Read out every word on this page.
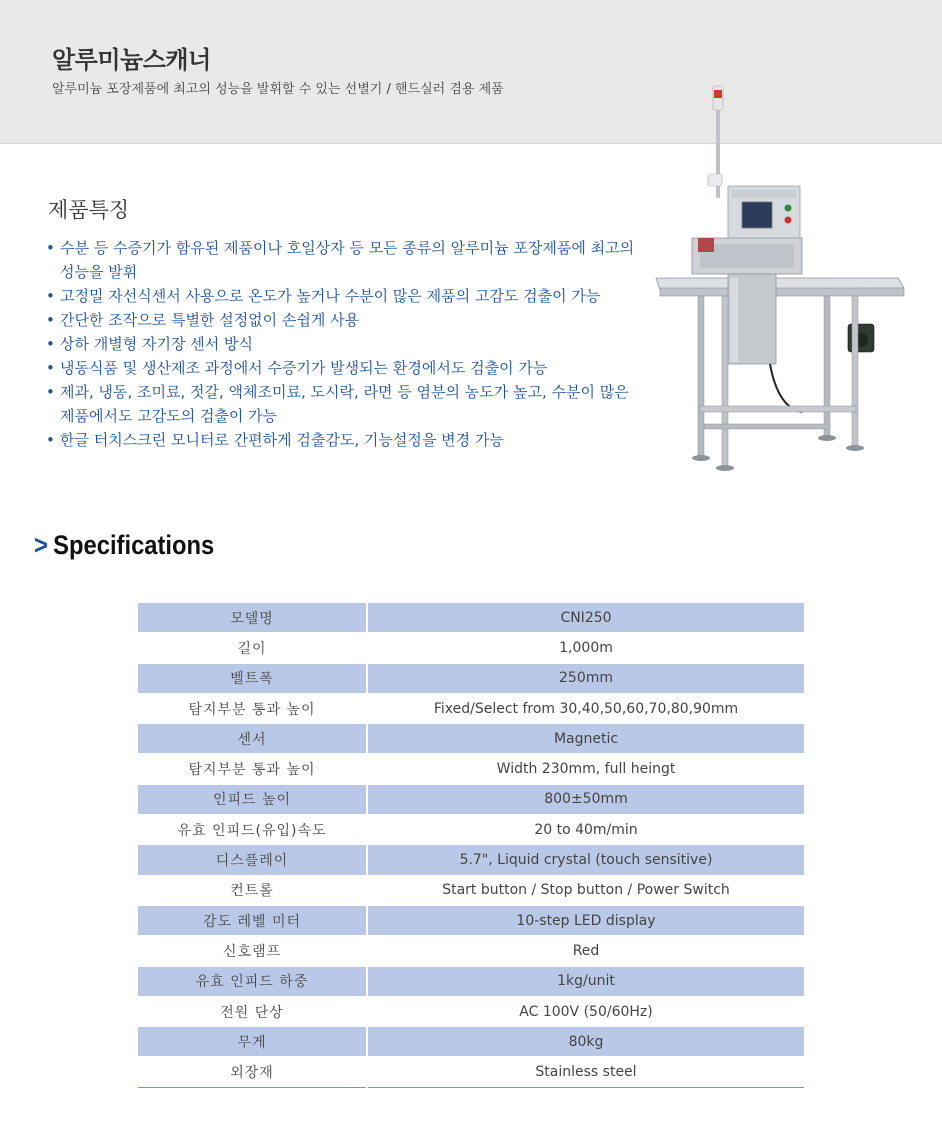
알루미늄스캐너
알루미늄 포장제품에 최고의 성능을 발휘할 수 있는 선별기 / 핸드실러 겸용 제품
제품특징
• 수분 등 수증기가 함유된 제품이나 호일상자 등 모든 종류의 알루미늄 포장제품에 최고의 성능을 발휘
• 고정밀 자선식센서 사용으로 온도가 높거나 수분이 많은 제품의 고감도 검출이 가능
• 간단한 조작으로 특별한 설정없이 손쉽게 사용
• 상하 개별형 자기장 센서 방식
• 냉동식품 및 생산제조 과정에서 수증기가 발생되는 환경에서도 검출이 가능
• 제과, 냉동, 조미료, 젓갈, 액체조미료, 도시락, 라면 등 염분의 농도가 높고, 수분이 많은 제품에서도 고감도의 검출이 가능
• 한글 터치스크린 모니터로 간편하게 검출감도, 기능설정을 변경 가능
> Specifications
모델명	CNI250
길이	1,000m
벨트폭	250mm
탐지부분 통과 높이	Fixed/Select from 30,40,50,60,70,80,90mm
센서	Magnetic
탐지부분 통과 높이	Width 230mm, full heingt
인피드 높이	800±50mm
유효 인피드(유입)속도	20 to 40m/min
디스플레이	5.7", Liquid crystal (touch sensitive)
컨트롤	Start button / Stop button / Power Switch
감도 레벨 미터	10-step LED display
신호램프	Red
유효 인피드 하중	1kg/unit
전원 단상	AC 100V (50/60Hz)
무게	80kg
외장재	Stainless steel
